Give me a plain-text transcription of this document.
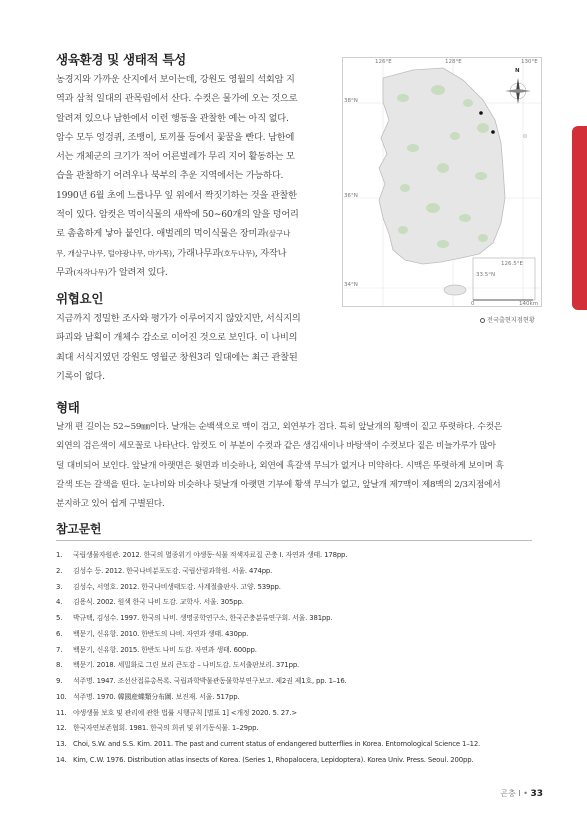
생육환경 및 생태적 특성
농경지와 가까운 산지에서 보이는데, 강원도 영월의 석회암 지
역과 삼척 일대의 관목림에서 산다. 수컷은 물가에 오는 것으로
알려져 있으나 남한에서 이런 행동을 관찰한 예는 아직 없다.
암수 모두 엉겅퀴, 조뱅이, 토끼풀 등에서 꽃꿀을 빤다. 남한에
서는 개체군의 크기가 적어 어른벌레가 무리 지어 활동하는 모
습을 관찰하기 어려우나 북부의 추운 지역에서는 가능하다.
1990년 6월 초에 느릅나무 잎 위에서 짝짓기하는 것을 관찰한
적이 있다. 암컷은 먹이식물의 새싹에 50∼60개의 알을 덩어리
로 촘촘하게 낳아 붙인다. 애벌레의 먹이식물은 장미과(살구나
무, 개살구나무, 털야광나무, 마가목), 가래나무과(호두나무), 자작나
무과(자작나무)가 알려져 있다.
126°E	128°E	130°E
38°N
36°N
34°N
33.5°N
126.5°E
N
0	140km
전국출현지점현황
위협요인
지금까지 정밀한 조사와 평가가 이루어지지 않았지만, 서식지의
파괴와 남획이 개체수 감소로 이어진 것으로 보인다. 이 나비의
최대 서식지였던 강원도 영월군 창원3리 일대에는 최근 관찰된
기록이 없다.
형태
날개 편 길이는 52∼59㎜이다. 날개는 순백색으로 맥이 검고, 외연부가 검다. 특히 앞날개의 횡맥이 짙고 뚜렷하다. 수컷은
외연의 검은색이 세모꼴로 나타난다. 암컷도 이 부분이 수컷과 같은 생김새이나 바탕색이 수컷보다 짙은 비늘가루가 많아
덜 대비되어 보인다. 앞날개 아랫면은 윗면과 비슷하나, 외연에 흑갈색 무늬가 없거나 미약하다. 시맥은 뚜렷하게 보이며 흑
갈색 또는 갈색을 띤다. 눈나비와 비슷하나 뒷날개 아랫면 기부에 황색 무늬가 없고, 앞날개 제7맥이 제8맥의 2/3지점에서
분지하고 있어 쉽게 구별된다.
참고문헌
1. 국립생물자원관. 2012. 한국의 멸종위기 야생동·식물 적색자료집 곤충 I. 자연과 생태. 178pp.
2. 김성수 등. 2012. 한국나비분포도감. 국립산림과학원. 서울. 474pp.
3. 김성수, 서영호. 2012. 한국나비생태도감. 사계절출판사. 고양. 539pp.
4. 김용식. 2002. 원색 한국 나비 도감. 교학사. 서울. 305pp.
5. 박규택, 김성수. 1997. 한국의 나비. 생명공학연구소, 한국곤충분류연구회. 서울. 381pp.
6. 백문기, 신유항. 2010. 한반도의 나비. 자연과 생태. 430pp.
7. 백문기, 신유항. 2015. 한반도 나비 도감. 자연과 생태. 600pp.
8. 백문기. 2018. 세밀화로 그린 보리 큰도감 – 나비도감. 도서출판보리. 371pp.
9. 석주명. 1947. 조선산접류총목록. 국립과학박물관동물학부연구보고. 제2권 제1호, pp. 1–16.
10. 석주명. 1970. 韓國産蝶類分布圖. 보진재. 서울. 517pp.
11. 야생생물 보호 및 관리에 관한 법률 시행규칙 [별표 1] <개정 2020. 5. 27.>
12. 한국자연보존협회. 1981. 한국의 희귀 및 위기동식물. 1–29pp.
13. Choi, S.W. and S.S. Kim. 2011. The past and current status of endangered butterflies in Korea. Entomological Science 1–12.
14. Kim, C.W. 1976. Distribution atlas insects of Korea. (Series 1, Rhopalocera, Lepidoptera). Korea Univ. Press. Seoul. 200pp.
곤충 I • 33
